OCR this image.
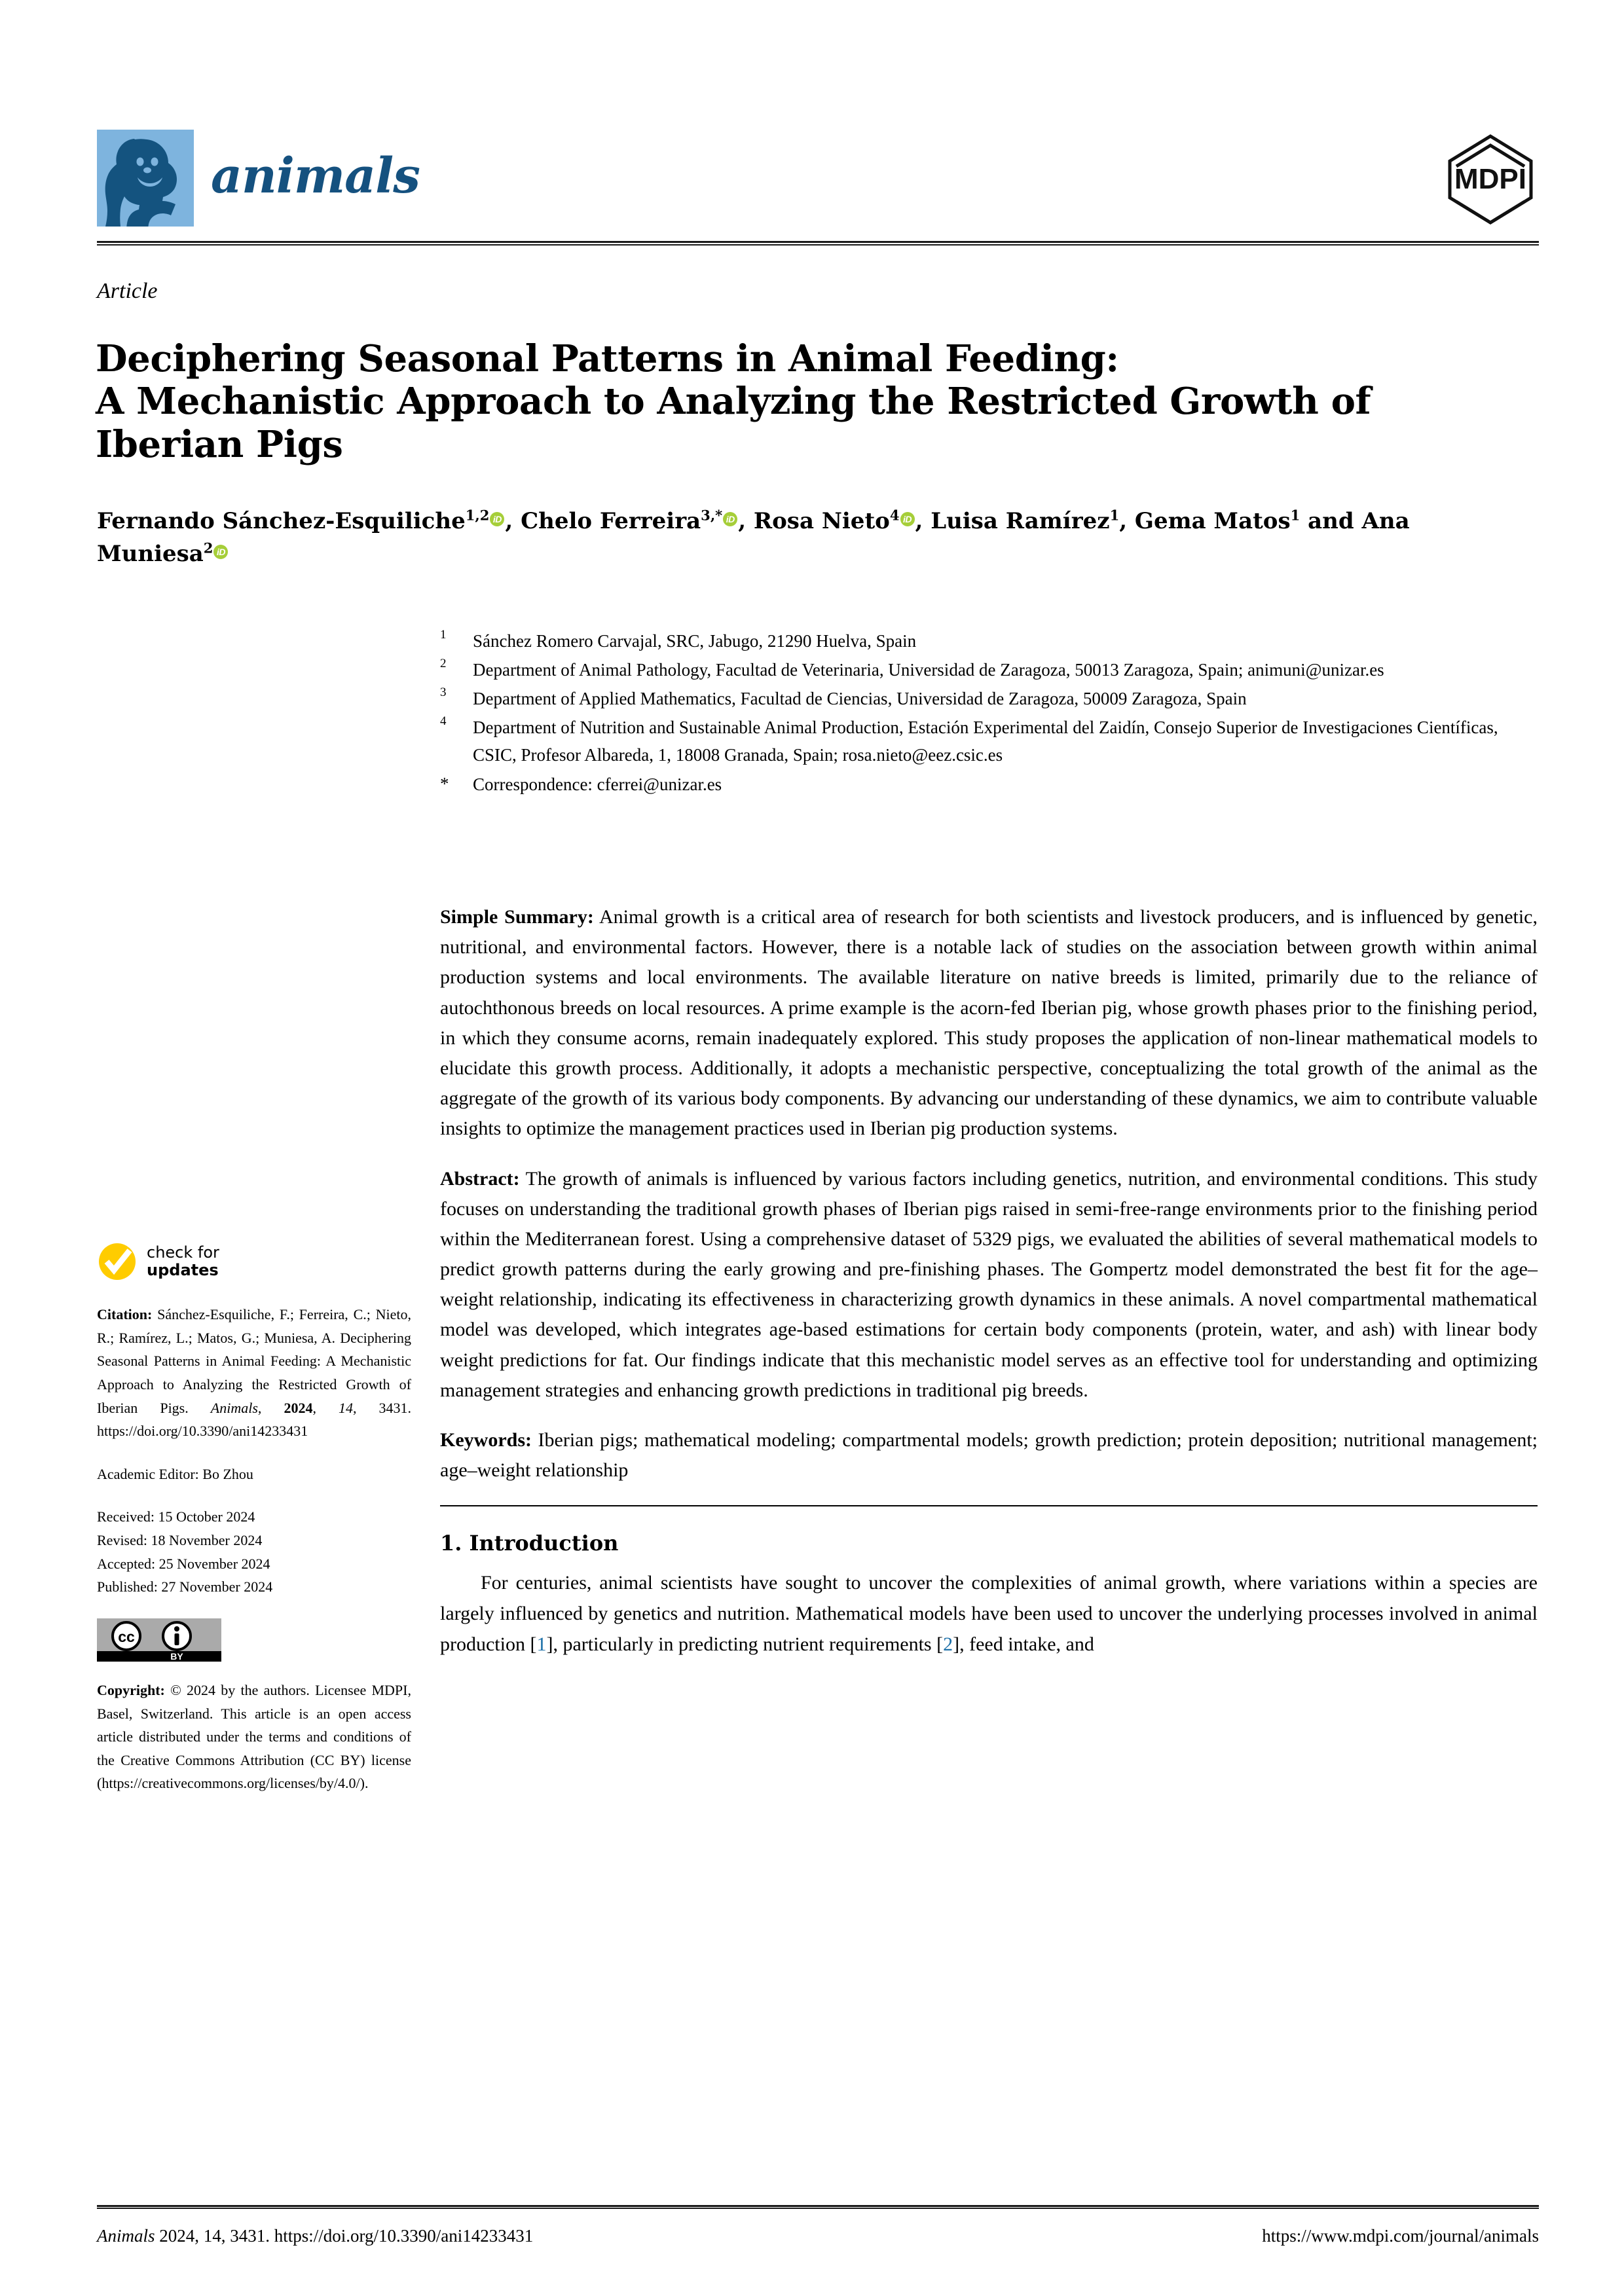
animals	MDPI
Article
Deciphering Seasonal Patterns in Animal Feeding:
A Mechanistic Approach to Analyzing the Restricted Growth of
Iberian Pigs
Fernando Sánchez-Esquiliche$^{1,2}$ iD , Chelo Ferreira$^{3,*}$ iD , Rosa Nieto$^4$ iD , Luisa Ramírez$^1$, Gema Matos$^1$ and Ana Muniesa$^2$ iD
1	Sánchez Romero Carvajal, SRC, Jabugo, 21290 Huelva, Spain
2	Department of Animal Pathology, Facultad de Veterinaria, Universidad de Zaragoza, 50013 Zaragoza, Spain; animuni@unizar.es
3	Department of Applied Mathematics, Facultad de Ciencias, Universidad de Zaragoza, 50009 Zaragoza, Spain
4	Department of Nutrition and Sustainable Animal Production, Estación Experimental del Zaidín, Consejo Superior de Investigaciones Científicas, CSIC, Profesor Albareda, 1, 18008 Granada, Spain; rosa.nieto@eez.csic.es
*	Correspondence: cferrei@unizar.es

Simple Summary: Animal growth is a critical area of research for both scientists and livestock producers, and is influenced by genetic, nutritional, and environmental factors. However, there is a notable lack of studies on the association between growth within animal production systems and local environments. The available literature on native breeds is limited, primarily due to the reliance of autochthonous breeds on local resources. A prime example is the acorn-fed Iberian pig, whose growth phases prior to the finishing period, in which they consume acorns, remain inadequately explored. This study proposes the application of non-linear mathematical models to elucidate this growth process. Additionally, it adopts a mechanistic perspective, conceptualizing the total growth of the animal as the aggregate of the growth of its various body components. By advancing our understanding of these dynamics, we aim to contribute valuable insights to optimize the management practices used in Iberian pig production systems.

Abstract: The growth of animals is influenced by various factors including genetics, nutrition, and environmental conditions. This study focuses on understanding the traditional growth phases of Iberian pigs raised in semi-free-range environments prior to the finishing period within the Mediterranean forest. Using a comprehensive dataset of 5329 pigs, we evaluated the abilities of several mathematical models to predict growth patterns during the early growing and pre-finishing phases. The Gompertz model demonstrated the best fit for the age–weight relationship, indicating its effectiveness in characterizing growth dynamics in these animals. A novel compartmental mathematical model was developed, which integrates age-based estimations for certain body components (protein, water, and ash) with linear body weight predictions for fat. Our findings indicate that this mechanistic model serves as an effective tool for understanding and optimizing management strategies and enhancing growth predictions in traditional pig breeds.

Keywords: Iberian pigs; mathematical modeling; compartmental models; growth prediction; protein deposition; nutritional management; age–weight relationship

1. Introduction

For centuries, animal scientists have sought to uncover the complexities of animal growth, where variations within a species are largely influenced by genetics and nutrition. Mathematical models have been used to uncover the underlying processes involved in animal production [1], particularly in predicting nutrient requirements [2], feed intake, and

check for
updates
Citation: Sánchez-Esquiliche, F.; Ferreira, C.; Nieto, R.; Ramírez, L.; Matos, G.; Muniesa, A. Deciphering Seasonal Patterns in Animal Feeding: A Mechanistic Approach to Analyzing the Restricted Growth of Iberian Pigs. Animals, 2024, 14, 3431. https://doi.org/10.3390/ani14233431
Academic Editor: Bo Zhou
Received: 15 October 2024
Revised: 18 November 2024
Accepted: 25 November 2024
Published: 27 November 2024
cc
BY
Copyright: © 2024 by the authors. Licensee MDPI, Basel, Switzerland. This article is an open access article distributed under the terms and conditions of the Creative Commons Attribution (CC BY) license (https://creativecommons.org/licenses/by/4.0/).
Animals 2024, 14, 3431. https://doi.org/10.3390/ani14233431	https://www.mdpi.com/journal/animals
